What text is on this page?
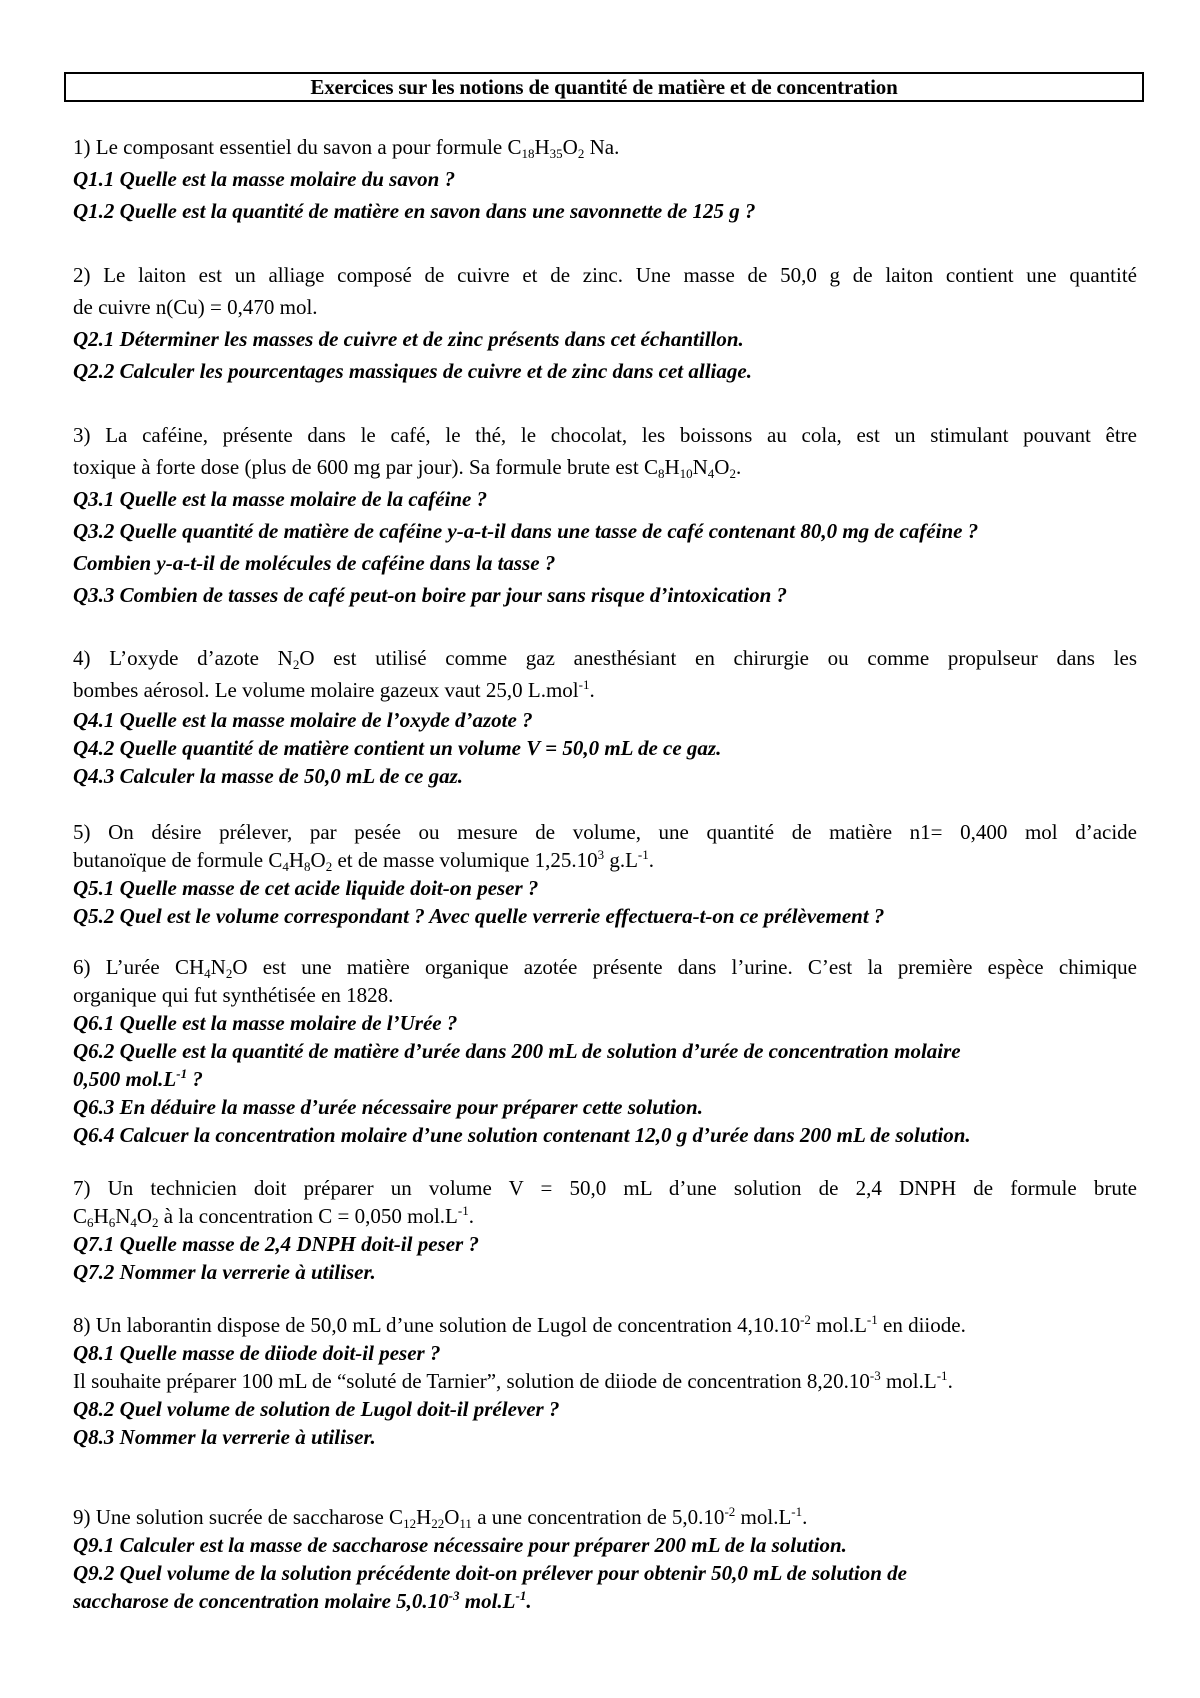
Exercices sur les notions de quantité de matière et de concentration
1) Le composant essentiel du savon a pour formule $C_{18}H_{35}O_2$ Na.
Q1.1 Quelle est la masse molaire du savon ?
Q1.2 Quelle est la quantité de matière en savon dans une savonnette de 125 g ?
2) Le laiton est un alliage composé de cuivre et de zinc. Une masse de 50,0 g de laiton contient une quantité
de cuivre n(Cu) = 0,470 mol.
Q2.1 Déterminer les masses de cuivre et de zinc présents dans cet échantillon.
Q2.2 Calculer les pourcentages massiques de cuivre et de zinc dans cet alliage.
3) La caféine, présente dans le café, le thé, le chocolat, les boissons au cola, est un stimulant pouvant être
toxique à forte dose (plus de 600 mg par jour). Sa formule brute est $C_8H_{10}N_4O_2$.
Q3.1 Quelle est la masse molaire de la caféine ?
Q3.2 Quelle quantité de matière de caféine y-a-t-il dans une tasse de café contenant 80,0 mg de caféine ?
Combien y-a-t-il de molécules de caféine dans la tasse ?
Q3.3 Combien de tasses de café peut-on boire par jour sans risque d’intoxication ?
4) L’oxyde d’azote $N_2O$ est utilisé comme gaz anesthésiant en chirurgie ou comme propulseur dans les
bombes aérosol. Le volume molaire gazeux vaut 25,0 L.mol$^{-1}$.
Q4.1 Quelle est la masse molaire de l’oxyde d’azote ?
Q4.2 Quelle quantité de matière contient un volume V = 50,0 mL de ce gaz.
Q4.3 Calculer la masse de 50,0 mL de ce gaz.
5) On désire prélever, par pesée ou mesure de volume, une quantité de matière n1= 0,400 mol d’acide
butanoïque de formule $C_4H_8O_2$ et de masse volumique 1,25.10$^3$ $g.L^{-1}$.
Q5.1 Quelle masse de cet acide liquide doit-on peser ?
Q5.2 Quel est le volume correspondant ? Avec quelle verrerie effectuera-t-on ce prélèvement ?
6) L’urée $CH_4N_2O$ est une matière organique azotée présente dans l’urine. C’est la première espèce chimique
organique qui fut synthétisée en 1828.
Q6.1 Quelle est la masse molaire de l’Urée ?
Q6.2 Quelle est la quantité de matière d’urée dans 200 mL de solution d’urée de concentration molaire
0,500 $mol.L^{-1}$ ?
Q6.3 En déduire la masse d’urée nécessaire pour préparer cette solution.
Q6.4 Calcuer la concentration molaire d’une solution contenant 12,0 g d’urée dans 200 mL de solution.
7) Un technicien doit préparer un volume V = 50,0 mL d’une solution de 2,4 DNPH de formule brute
$C_6H_6N_4O_2$ à la concentration C = 0,050 $mol.L^{-1}$.
Q7.1 Quelle masse de 2,4 DNPH doit-il peser ?
Q7.2 Nommer la verrerie à utiliser.
8) Un laborantin dispose de 50,0 mL d’une solution de Lugol de concentration $4,10.10^{-2}$ $mol.L^{-1}$ en diiode.
Q8.1 Quelle masse de diiode doit-il peser ?
Il souhaite préparer 100 mL de “soluté de Tarnier”, solution de diiode de concentration $8,20.10^{-3}$ $mol.L^{-1}$.
Q8.2 Quel volume de solution de Lugol doit-il prélever ?
Q8.3 Nommer la verrerie à utiliser.
9) Une solution sucrée de saccharose $C_{12}H_{22}O_{11}$ a une concentration de $5,0.10^{-2}$ $mol.L^{-1}$.
Q9.1 Calculer est la masse de saccharose nécessaire pour préparer 200 mL de la solution.
Q9.2 Quel volume de la solution précédente doit-on prélever pour obtenir 50,0 mL de solution de
saccharose de concentration molaire $5,0.10^{-3}$ $mol.L^{-1}$.
